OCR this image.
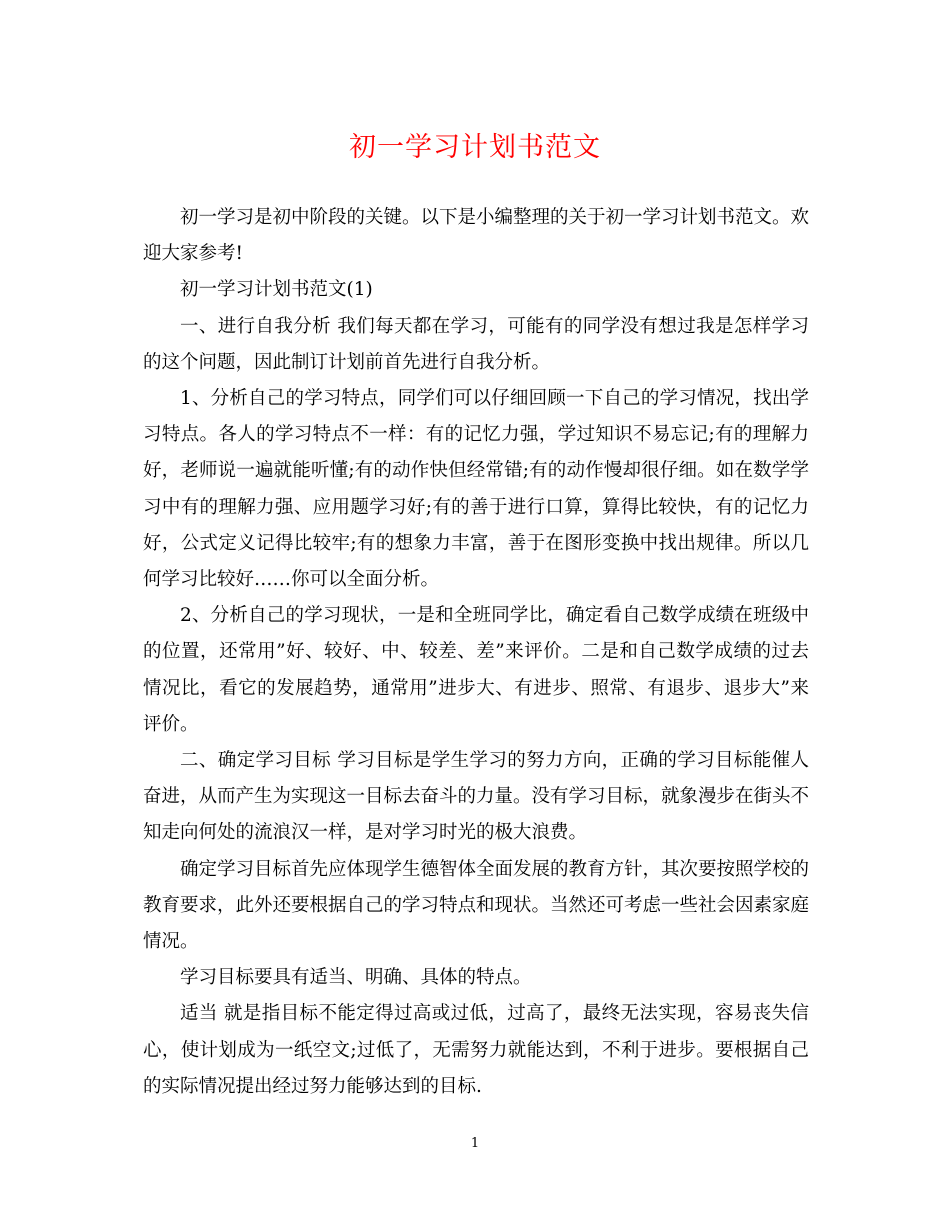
初一学习计划书范文

初一学习是初中阶段的关键。以下是小编整理的关于初一学习计划书范文。欢迎大家参考!

初一学习计划书范文(1)

一、进行自我分析 我们每天都在学习，可能有的同学没有想过我是怎样学习的这个问题，因此制订计划前首先进行自我分析。

1、分析自己的学习特点，同学们可以仔细回顾一下自己的学习情况，找出学习特点。各人的学习特点不一样：有的记忆力强，学过知识不易忘记;有的理解力好，老师说一遍就能听懂;有的动作快但经常错;有的动作慢却很仔细。如在数学学习中有的理解力强、应用题学习好;有的善于进行口算，算得比较快，有的记忆力好，公式定义记得比较牢;有的想象力丰富，善于在图形变换中找出规律。所以几何学习比较好……你可以全面分析。

2、分析自己的学习现状，一是和全班同学比，确定看自己数学成绩在班级中的位置，还常用”好、较好、中、较差、差”来评价。二是和自己数学成绩的过去情况比，看它的发展趋势，通常用”进步大、有进步、照常、有退步、退步大”来评价。

二、确定学习目标 学习目标是学生学习的努力方向，正确的学习目标能催人奋进，从而产生为实现这一目标去奋斗的力量。没有学习目标，就象漫步在街头不知走向何处的流浪汉一样，是对学习时光的极大浪费。

确定学习目标首先应体现学生德智体全面发展的教育方针，其次要按照学校的教育要求，此外还要根据自己的学习特点和现状。当然还可考虑一些社会因素家庭情况。

学习目标要具有适当、明确、具体的特点。

适当 就是指目标不能定得过高或过低，过高了，最终无法实现，容易丧失信心，使计划成为一纸空文;过低了，无需努力就能达到，不利于进步。要根据自己的实际情况提出经过努力能够达到的目标.

1
